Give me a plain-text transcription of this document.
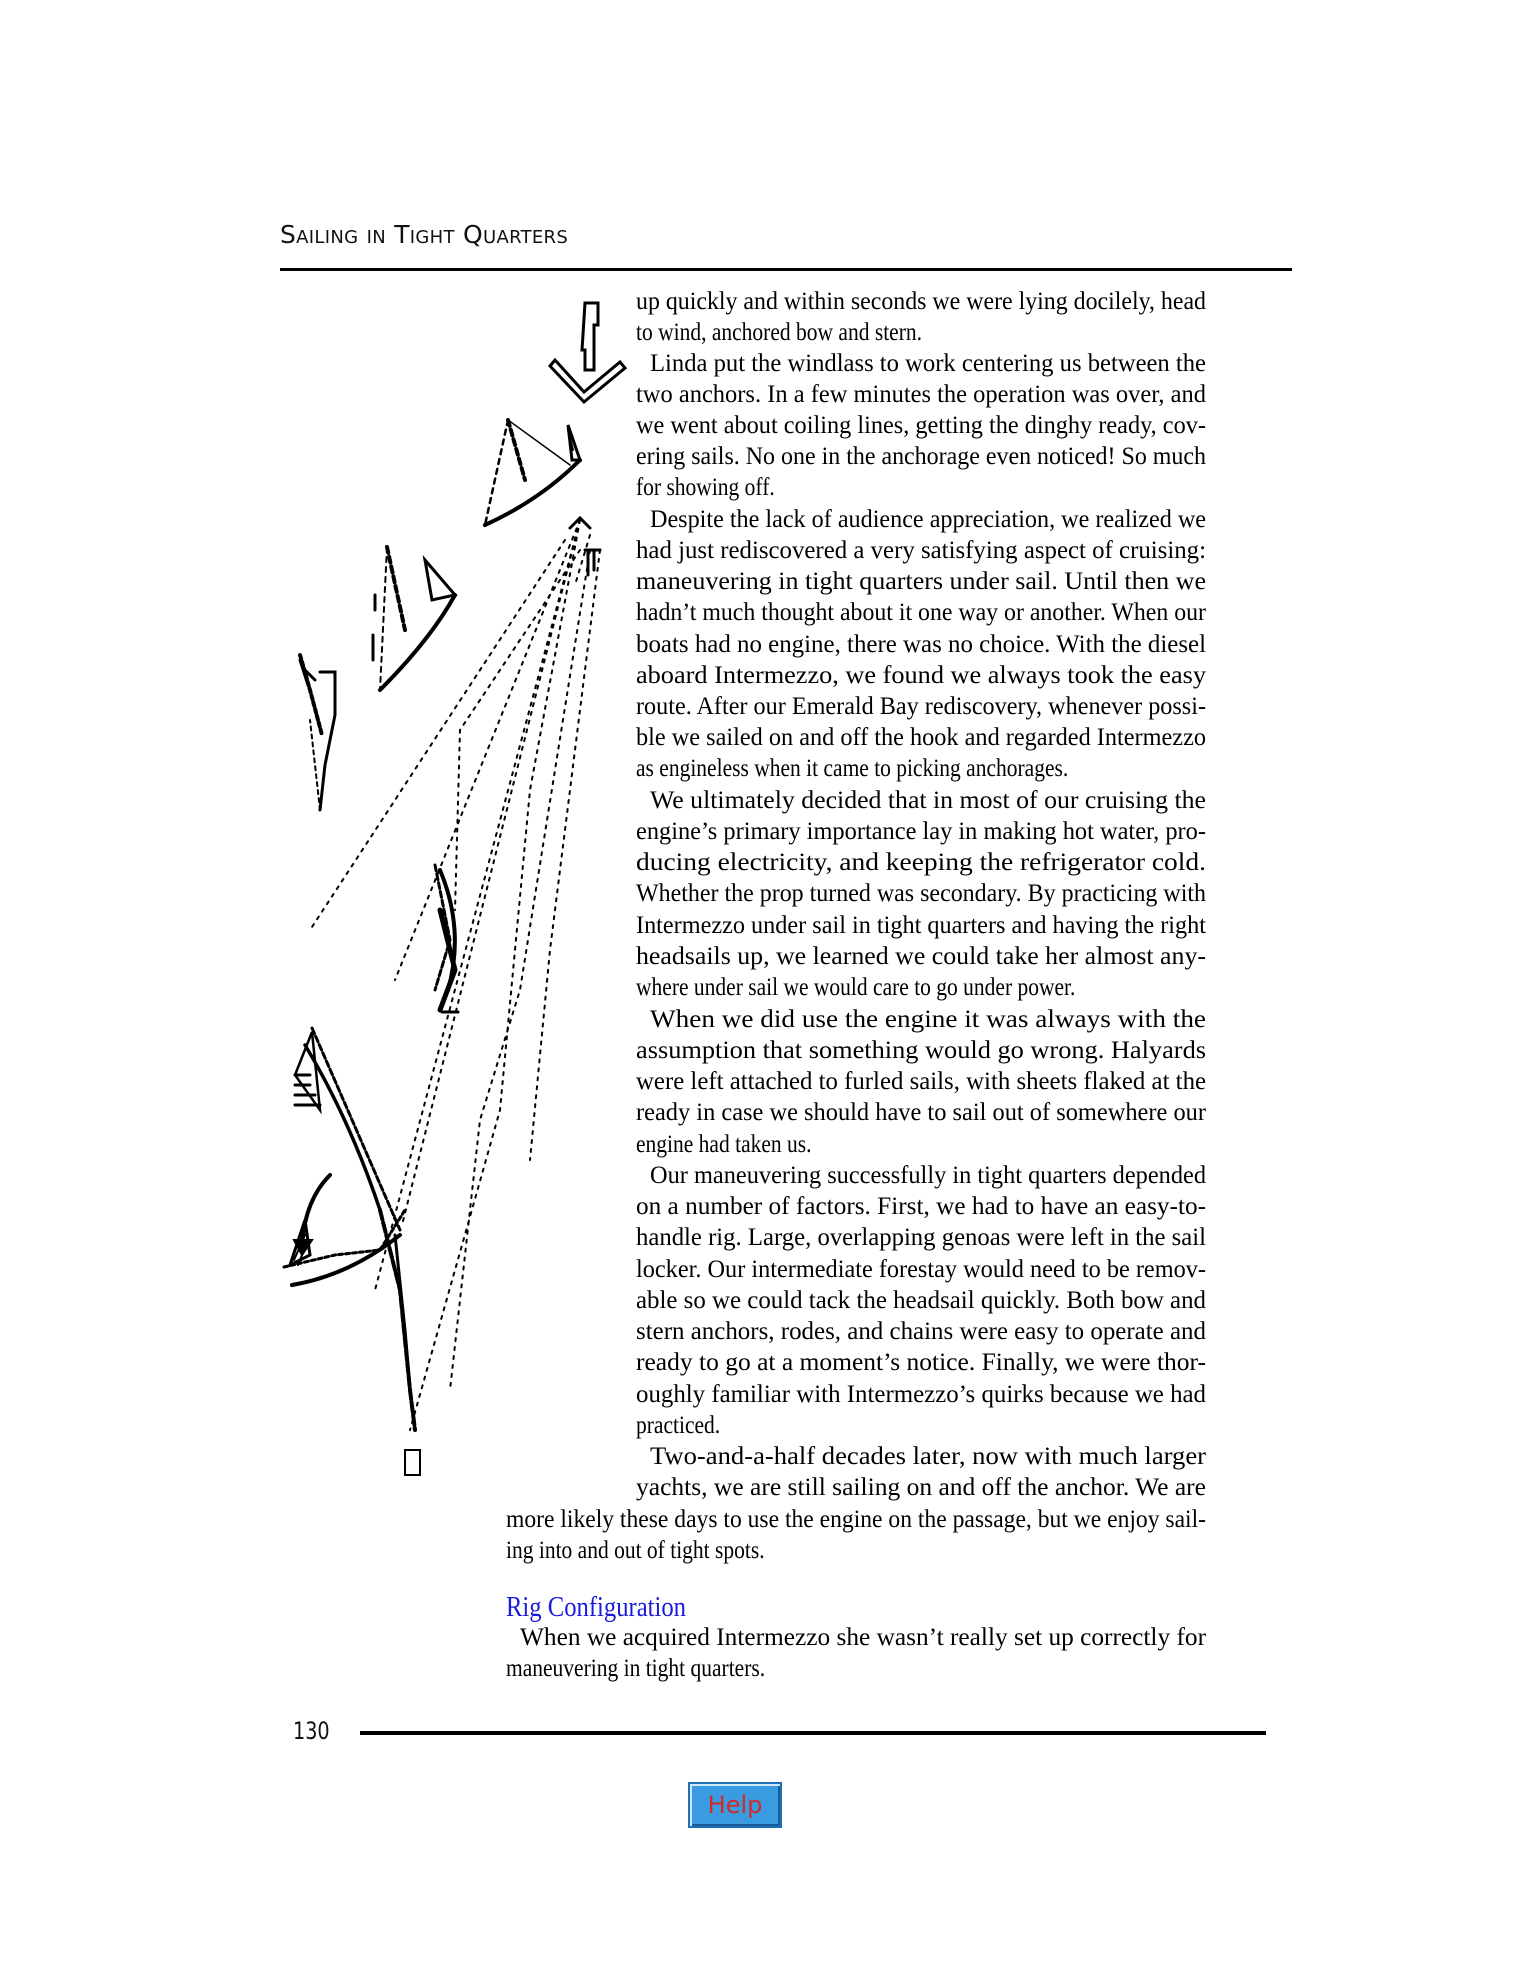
Sailing in Tight Quarters
up quickly and within seconds we were lying docilely, head
to wind, anchored bow and stern.
Linda put the windlass to work centering us between the
two anchors. In a few minutes the operation was over, and
we went about coiling lines, getting the dinghy ready, cov-
ering sails. No one in the anchorage even noticed! So much
for showing off.
Despite the lack of audience appreciation, we realized we
had just rediscovered a very satisfying aspect of cruising:
maneuvering in tight quarters under sail. Until then we
hadn’t much thought about it one way or another. When our
boats had no engine, there was no choice. With the diesel
aboard Intermezzo, we found we always took the easy
route. After our Emerald Bay rediscovery, whenever possi-
ble we sailed on and off the hook and regarded Intermezzo
as engineless when it came to picking anchorages.
We ultimately decided that in most of our cruising the
engine’s primary importance lay in making hot water, pro-
ducing electricity, and keeping the refrigerator cold.
Whether the prop turned was secondary. By practicing with
Intermezzo under sail in tight quarters and having the right
headsails up, we learned we could take her almost any-
where under sail we would care to go under power.
When we did use the engine it was always with the
assumption that something would go wrong. Halyards
were left attached to furled sails, with sheets flaked at the
ready in case we should have to sail out of somewhere our
engine had taken us.
Our maneuvering successfully in tight quarters depended
on a number of factors. First, we had to have an easy-to-
handle rig. Large, overlapping genoas were left in the sail
locker. Our intermediate forestay would need to be remov-
able so we could tack the headsail quickly. Both bow and
stern anchors, rodes, and chains were easy to operate and
ready to go at a moment’s notice. Finally, we were thor-
oughly familiar with Intermezzo’s quirks because we had
practiced.
Two-and-a-half decades later, now with much larger
yachts, we are still sailing on and off the anchor. We are
more likely these days to use the engine on the passage, but we enjoy sail-
ing into and out of tight spots.
Rig Configuration
When we acquired Intermezzo she wasn’t really set up correctly for
maneuvering in tight quarters.
130
Help
